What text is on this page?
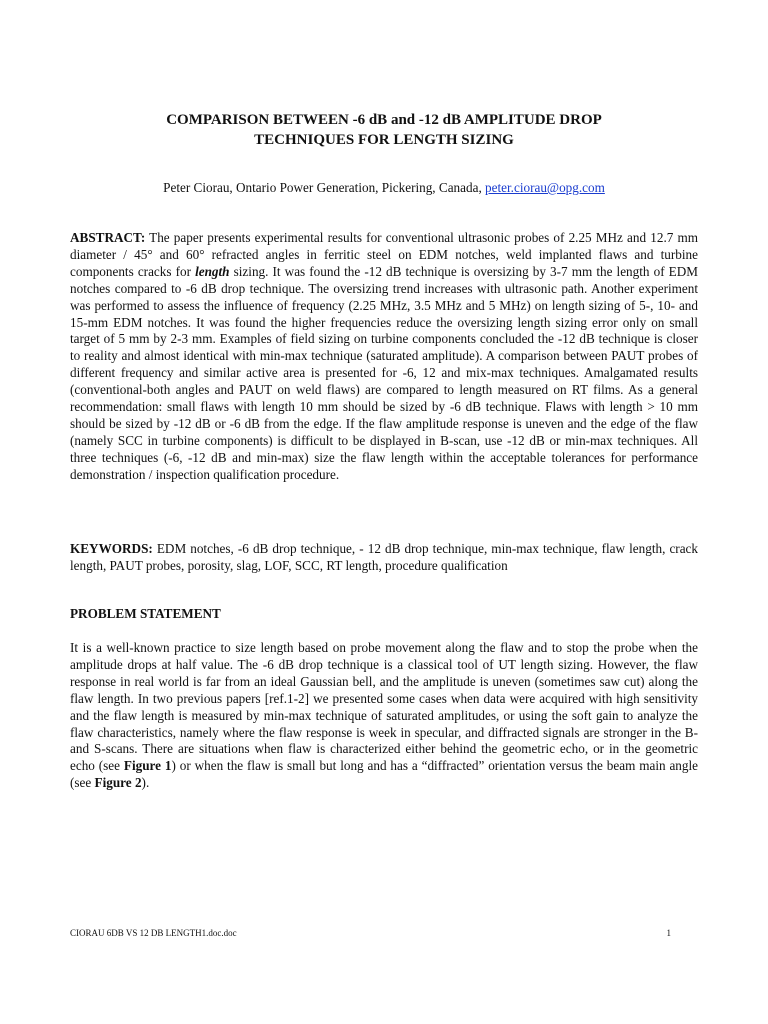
COMPARISON BETWEEN -6 dB and -12 dB AMPLITUDE DROP
TECHNIQUES FOR LENGTH SIZING

Peter Ciorau, Ontario Power Generation, Pickering, Canada, peter.ciorau@opg.com

ABSTRACT: The paper presents experimental results for conventional ultrasonic probes of 2.25 MHz and 12.7 mm diameter / 45° and 60° refracted angles in ferritic steel on EDM notches, weld implanted flaws and turbine components cracks for length sizing. It was found the -12 dB technique is oversizing by 3-7 mm the length of EDM notches compared to -6 dB drop technique. The oversizing trend increases with ultrasonic path. Another experiment was performed to assess the influence of frequency (2.25 MHz, 3.5 MHz and 5 MHz) on length sizing of 5-, 10- and 15-mm EDM notches. It was found the higher frequencies reduce the oversizing length sizing error only on small target of 5 mm by 2-3 mm. Examples of field sizing on turbine components concluded the -12 dB technique is closer to reality and almost identical with min-max technique (saturated amplitude). A comparison between PAUT probes of different frequency and similar active area is presented for -6, 12 and mix-max techniques. Amalgamated results (conventional-both angles and PAUT on weld flaws) are compared to length measured on RT films. As a general recommendation: small flaws with length 10 mm should be sized by -6 dB technique. Flaws with length > 10 mm should be sized by -12 dB or -6 dB from the edge. If the flaw amplitude response is uneven and the edge of the flaw (namely SCC in turbine components) is difficult to be displayed in B-scan, use -12 dB or min-max techniques. All three techniques (-6, -12 dB and min-max) size the flaw length within the acceptable tolerances for performance demonstration / inspection qualification procedure.

KEYWORDS: EDM notches, -6 dB drop technique, - 12 dB drop technique, min-max technique, flaw length, crack length, PAUT probes, porosity, slag, LOF, SCC, RT length, procedure qualification

PROBLEM STATEMENT

It is a well-known practice to size length based on probe movement along the flaw and to stop the probe when the amplitude drops at half value. The -6 dB drop technique is a classical tool of UT length sizing. However, the flaw response in real world is far from an ideal Gaussian bell, and the amplitude is uneven (sometimes saw cut) along the flaw length. In two previous papers [ref.1-2] we presented some cases when data were acquired with high sensitivity and the flaw length is measured by min-max technique of saturated amplitudes, or using the soft gain to analyze the flaw characteristics, namely where the flaw response is week in specular, and diffracted signals are stronger in the B- and S-scans. There are situations when flaw is characterized either behind the geometric echo, or in the geometric echo (see Figure 1) or when the flaw is small but long and has a “diffracted” orientation versus the beam main angle (see Figure 2).

CIORAU 6DB VS 12 DB LENGTH1.doc.doc	1
